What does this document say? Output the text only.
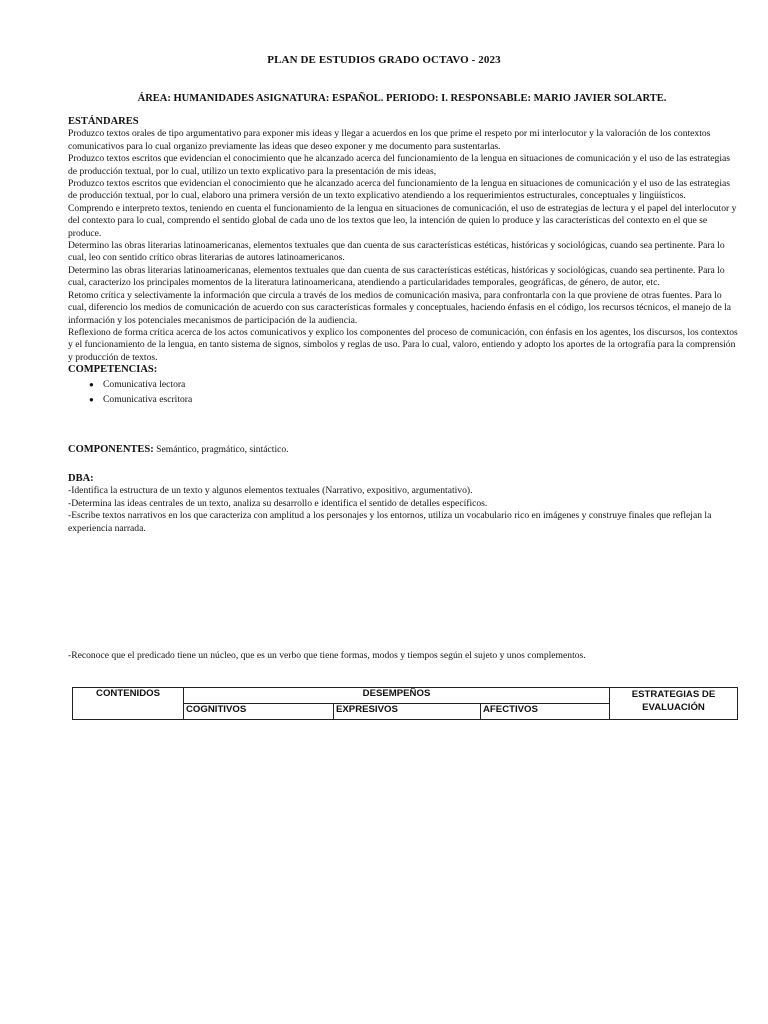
PLAN DE ESTUDIOS GRADO OCTAVO - 2023
ÁREA: HUMANIDADES ASIGNATURA: ESPAÑOL. PERIODO: I. RESPONSABLE: MARIO JAVIER SOLARTE.
ESTÁNDARES

Produzco textos orales de tipo argumentativo para exponer mis ideas y llegar a acuerdos en los que prime el respeto por mi interlocutor y la valoración de los contextos comunicativos para lo cual organizo previamente las ideas que deseo exponer y me documento para sustentarlas.

Produzco textos escritos que evidencian el conocimiento que he alcanzado acerca del funcionamiento de la lengua en situaciones de comunicación y el uso de las estrategias de producción textual, por lo cual, utilizo un texto explicativo para la presentación de mis ideas,

Produzco textos escritos que evidencian el conocimiento que he alcanzado acerca del funcionamiento de la lengua en situaciones de comunicación y el uso de las estrategias de producción textual, por lo cual, elaboro una primera versión de un texto explicativo atendiendo a los requerimientos estructurales, conceptuales y lingüísticos.

Comprendo e interpreto textos, teniendo en cuenta el funcionamiento de la lengua en situaciones de comunicación, el uso de estrategias de lectura y el papel del interlocutor y del contexto para lo cual, comprendo el sentido global de cada uno de los textos que leo, la intención de quien lo produce y las características del contexto en el que se produce.

Determino las obras literarias latinoamericanas, elementos textuales que dan cuenta de sus características estéticas, históricas y sociológicas, cuando sea pertinente. Para lo cual, leo con sentido crítico obras literarias de autores latinoamericanos.

Determino las obras literarias latinoamericanas, elementos textuales que dan cuenta de sus características estéticas, históricas y sociológicas, cuando sea pertinente. Para lo cual, caracterizo los principales momentos de la literatura latinoamericana, atendiendo a particularidades temporales, geográficas, de género, de autor, etc.

Retomo crítica y selectivamente la información que circula a través de los medios de comunicación masiva, para confrontarla con la que proviene de otras fuentes. Para lo cual, diferencio los medios de comunicación de acuerdo con sus características formales y conceptuales, haciendo énfasis en el código, los recursos técnicos, el manejo de la información y los potenciales mecanismos de participación de la audiencia.

Reflexiono de forma crítica acerca de los actos comunicativos y explico los componentes del proceso de comunicación, con énfasis en los agentes, los discursos, los contextos y el funcionamiento de la lengua, en tanto sistema de signos, símbolos y reglas de uso. Para lo cual, valoro, entiendo y adopto los aportes de la ortografía para la comprensión y producción de textos.

COMPETENCIAS:
● Comunicativa lectora
● Comunicativa escritora
COMPONENTES: Semántico, pragmático, sintáctico.
DBA:
-Identifica la estructura de un texto y algunos elementos textuales (Narrativo, expositivo, argumentativo).
-Determina las ideas centrales de un texto, analiza su desarrollo e identifica el sentido de detalles específicos.
-Escribe textos narrativos en los que caracteriza con amplitud a los personajes y los entornos, utiliza un vocabulario rico en imágenes y construye finales que reflejan la experiencia narrada.
-Reconoce que el predicado tiene un núcleo, que es un verbo que tiene formas, modos y tiempos según el sujeto y unos complementos.
CONTENIDOS	DESEMPEÑOS			ESTRATEGIAS DE EVALUACIÓN
	COGNITIVOS	EXPRESIVOS	AFECTIVOS	
